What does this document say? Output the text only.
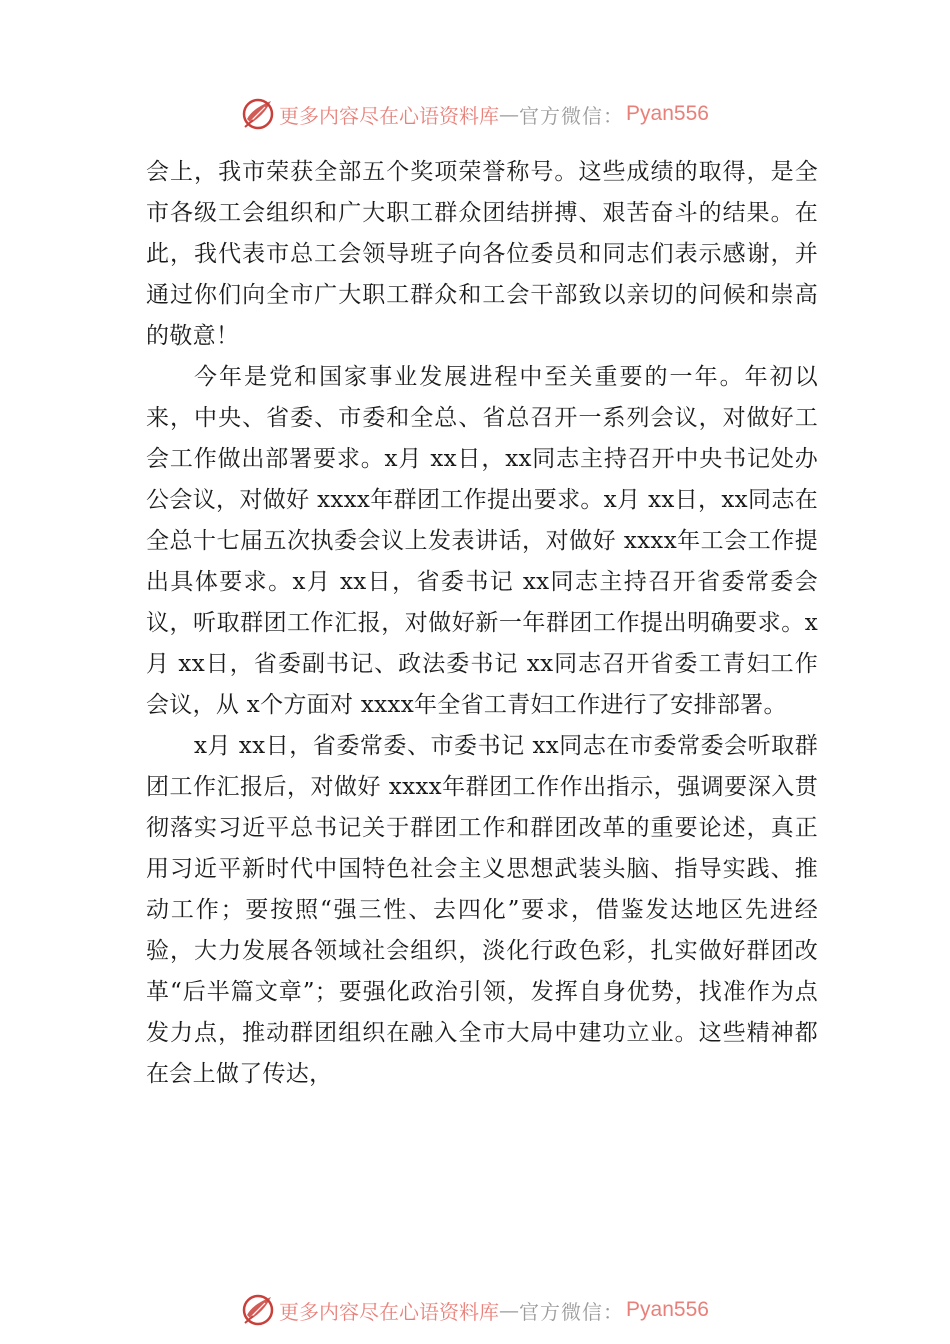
更多内容尽在心语资料库 — 官方微信： Pyan556

会上，我市荣获全部五个奖项荣誉称号。这些成绩的取得，是全市各级工会组织和广大职工群众团结拼搏、艰苦奋斗的结果。在此，我代表市总工会领导班子向各位委员和同志们表示感谢，并通过你们向全市广大职工群众和工会干部致以亲切的问候和崇高的敬意！

今年是党和国家事业发展进程中至关重要的一年。年初以来，中央、省委、市委和全总、省总召开一系列会议，对做好工会工作做出部署要求。x月 xx日，xx同志主持召开中央书记处办公会议，对做好 xxxx年群团工作提出要求。x月 xx日，xx同志在全总十七届五次执委会议上发表讲话，对做好 xxxx年工会工作提出具体要求。x月 xx日，省委书记 xx同志主持召开省委常委会议，听取群团工作汇报，对做好新一年群团工作提出明确要求。x月 xx日，省委副书记、政法委书记 xx同志召开省委工青妇工作会议，从 x个方面对 xxxx年全省工青妇工作进行了安排部署。

x月 xx日，省委常委、市委书记 xx同志在市委常委会听取群团工作汇报后，对做好 xxxx年群团工作作出指示，强调要深入贯彻落实习近平总书记关于群团工作和群团改革的重要论述，真正用习近平新时代中国特色社会主义思想武装头脑、指导实践、推动工作；要按照“强三性、去四化”要求，借鉴发达地区先进经验，大力发展各领域社会组织，淡化行政色彩，扎实做好群团改革“后半篇文章”；要强化政治引领，发挥自身优势，找准作为点发力点，推动群团组织在融入全市大局中建功立业。这些精神都在会上做了传达，

更多内容尽在心语资料库 — 官方微信： Pyan556
